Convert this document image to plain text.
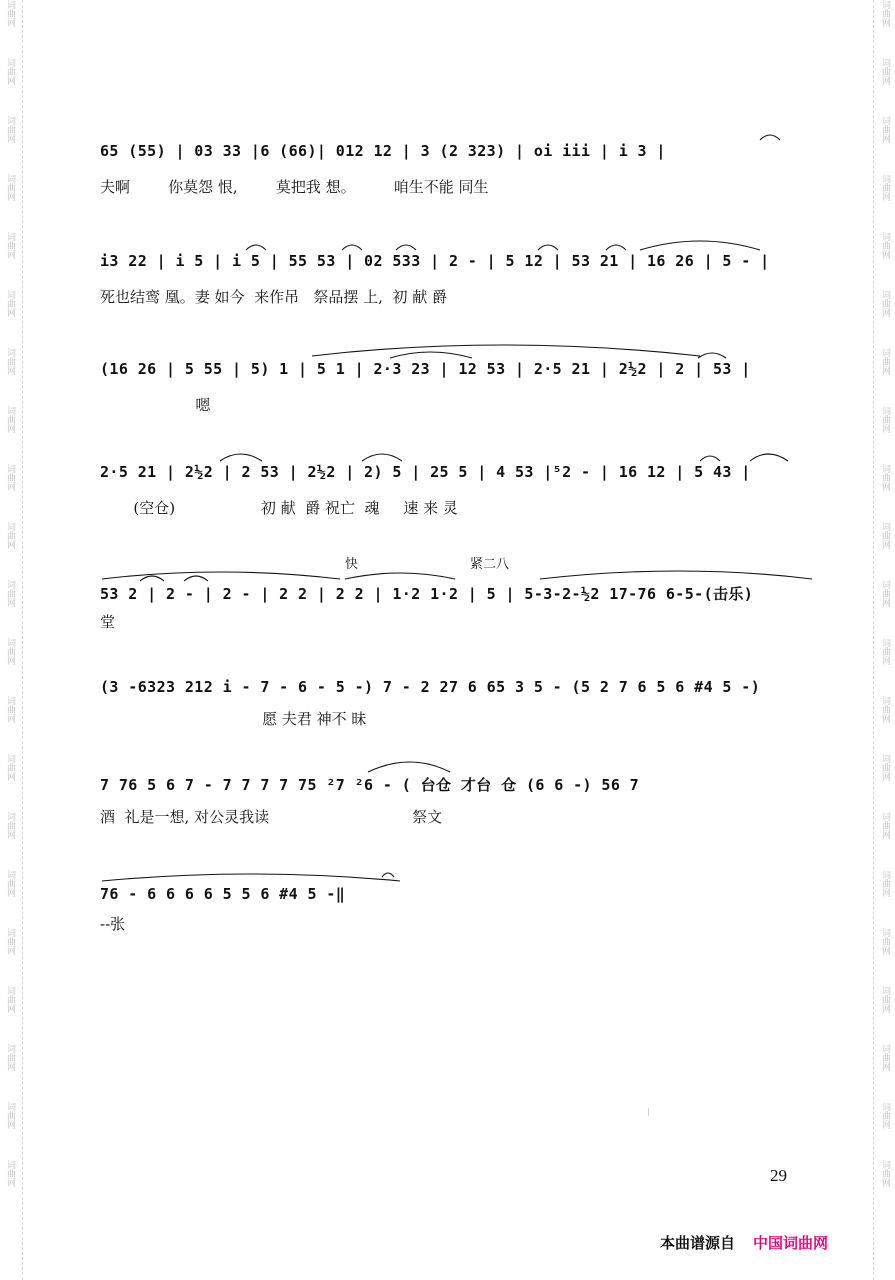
词曲网
词曲网
词曲网
词曲网
词曲网
词曲网
词曲网
词曲网
词曲网
词曲网
词曲网
词曲网
词曲网
词曲网
词曲网
词曲网
词曲网
词曲网
词曲网
词曲网
词曲网
词曲网
词曲网
词曲网
词曲网
词曲网
词曲网
词曲网
词曲网
词曲网
词曲网
词曲网
词曲网
词曲网
词曲网
词曲网
词曲网
词曲网
词曲网
词曲网
词曲网
词曲网
65 (55) | 03 33 |6 (66)| 012 12 | 3 (2 323) | oi iii | i 3 |
夫啊        你莫怨 恨,        莫把我 想。        咱生不能 同生
i3 22 | i 5 | i 5 | 55 53 | 02 533 | 2 - | 5 12 | 53 21 | 16 26 | 5 - |
死也结鸾 凰。妻 如今  来作吊   祭品摆 上,  初 献 爵
(16 26 | 5 55 | 5) 1 | 5 1 | 2·3 23 | 12 53 | 2·5 21 | 2½2 | 2 | 53 |
嗯
2·5 21 | 2½2 | 2 53 | 2½2 | 2) 5 | 25 5 | 4 53 |⁵2 - | 16 12 | 5 43 |
(空仓)                  初 献  爵 祝亡  魂     速 来 灵
快	紧二八
53 2 | 2 - | 2 - | 2 2 | 2 2 | 1·2 1·2 | 5 | 5-3-2-½2 17-76 6-5-(击乐)
堂
(3 -6323 212 i - 7 - 6 - 5 -) 7 - 2 27 6 65 3 5 - (5 2 7 6 5 6 #4 5 -)
愿 夫君 神不 昧
7 76 5 6 7 - 7 7 7 7 75 ²7 ²6 - ( 台仓 才台 仓 (6 6 -) 56 7
酒  礼是一想, 对公灵我读                              祭文
76 - 6 6 6 6 5 5 6 #4 5 -‖
--张
29
本曲谱源自 中国词曲网
